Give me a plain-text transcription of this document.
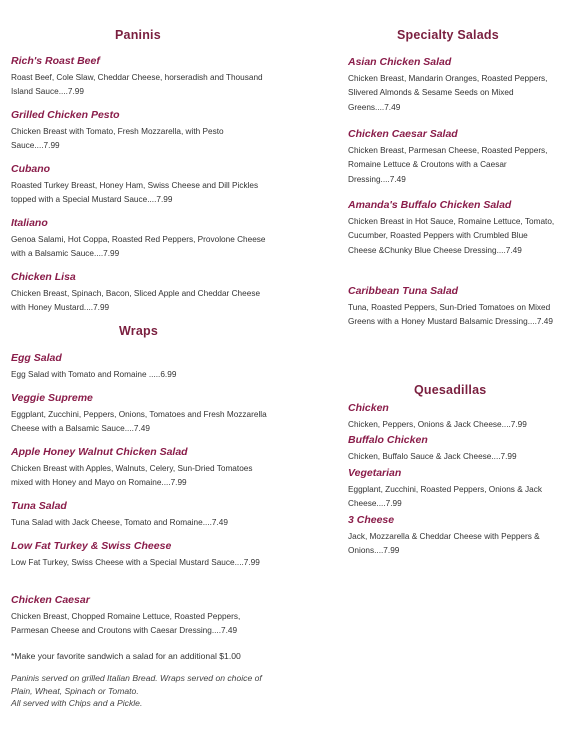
Paninis
Rich's Roast Beef
Roast Beef, Cole Slaw, Cheddar Cheese, horseradish and Thousand Island Sauce....7.99
Grilled Chicken Pesto
Chicken Breast with Tomato, Fresh Mozzarella, with Pesto Sauce....7.99
Cubano
Roasted Turkey Breast, Honey Ham, Swiss Cheese and Dill Pickles topped with a Special Mustard Sauce....7.99
Italiano
Genoa Salami, Hot Coppa, Roasted Red Peppers, Provolone Cheese with a Balsamic Sauce....7.99
Chicken Lisa
Chicken Breast, Spinach, Bacon, Sliced Apple and Cheddar Cheese with Honey Mustard....7.99
Wraps
Egg Salad
Egg Salad with Tomato and Romaine .....6.99
Veggie Supreme
Eggplant, Zucchini, Peppers, Onions, Tomatoes and Fresh Mozzarella Cheese with a Balsamic Sauce....7.49
Apple Honey Walnut Chicken Salad
Chicken Breast with Apples, Walnuts, Celery, Sun-Dried Tomatoes mixed with Honey and Mayo on Romaine....7.99
Tuna Salad
Tuna Salad with Jack Cheese, Tomato and Romaine....7.49
Low Fat Turkey & Swiss Cheese
Low Fat Turkey, Swiss Cheese with a Special Mustard Sauce....7.99
Chicken Caesar
Chicken Breast, Chopped Romaine Lettuce, Roasted Peppers, Parmesan Cheese and Croutons with Caesar Dressing....7.49
*Make your favorite sandwich a salad for an additional $1.00
Paninis served on grilled Italian Bread. Wraps served on choice of Plain, Wheat, Spinach or Tomato.
All served with Chips and a Pickle.
Specialty Salads
Asian Chicken Salad
Chicken Breast, Mandarin Oranges, Roasted Peppers, Slivered Almonds & Sesame Seeds on Mixed Greens....7.49
Chicken Caesar Salad
Chicken Breast, Parmesan Cheese, Roasted Peppers, Romaine Lettuce & Croutons with a Caesar Dressing....7.49
Amanda's Buffalo Chicken Salad
Chicken Breast in Hot Sauce, Romaine Lettuce, Tomato, Cucumber, Roasted Peppers with Crumbled Blue Cheese &Chunky Blue Cheese Dressing....7.49
Caribbean Tuna Salad
Tuna, Roasted Peppers, Sun-Dried Tomatoes on Mixed Greens with a Honey Mustard Balsamic Dressing....7.49
Quesadillas
Chicken
Chicken, Peppers, Onions & Jack Cheese....7.99
Buffalo Chicken
Chicken, Buffalo Sauce & Jack Cheese....7.99
Vegetarian
Eggplant, Zucchini, Roasted Peppers, Onions & Jack Cheese....7.99
3 Cheese
Jack, Mozzarella & Cheddar Cheese with Peppers & Onions....7.99
